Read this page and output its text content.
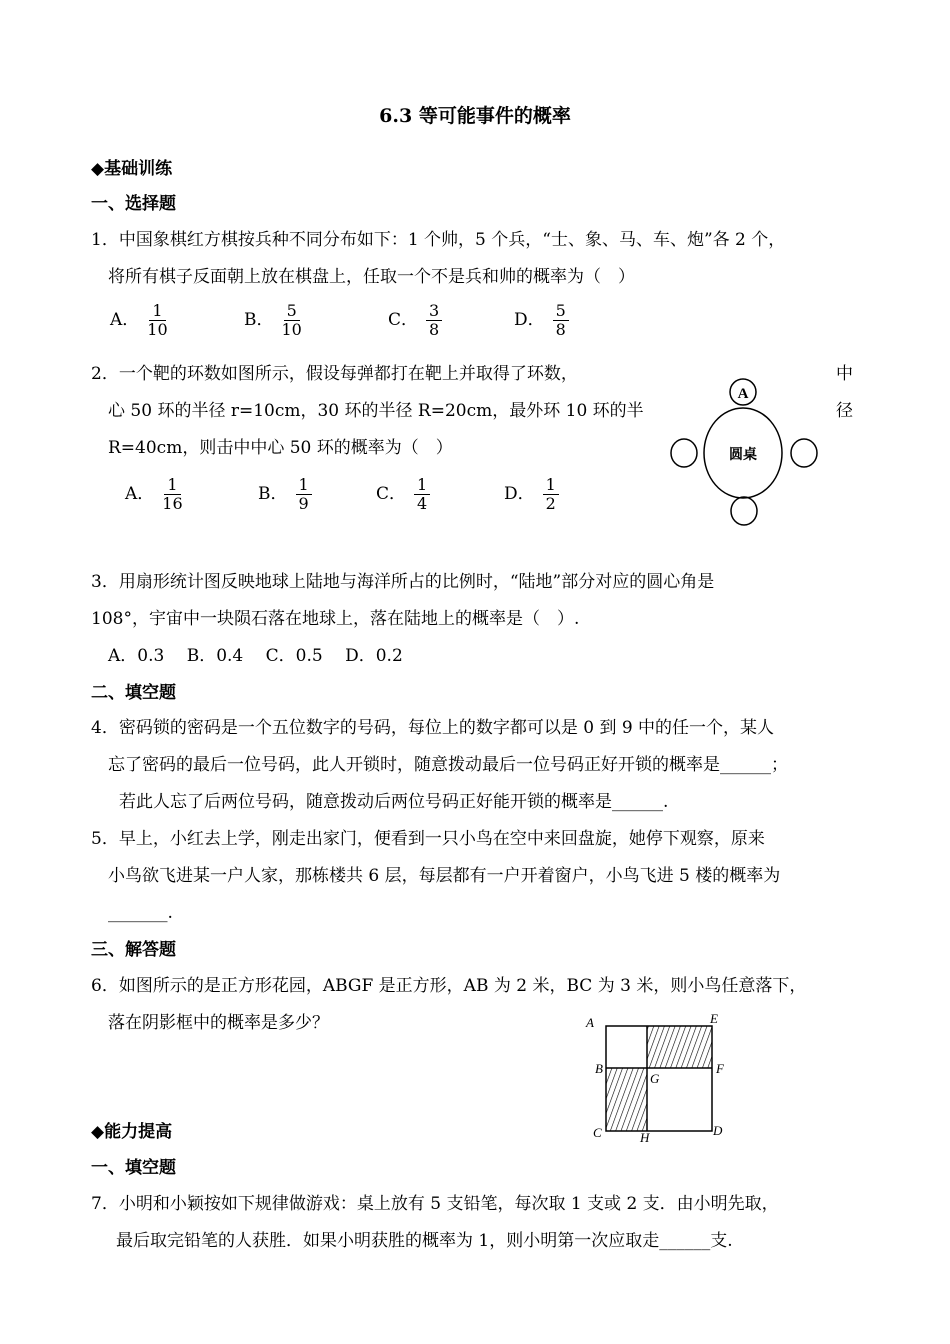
6.3 等可能事件的概率
◆基础训练
一、选择题
1．中国象棋红方棋按兵种不同分布如下：1 个帅，5 个兵，“士、象、马、车、炮”各 2 个，
将所有棋子反面朝上放在棋盘上，任取一个不是兵和帅的概率为（　）
A． $\frac{1}{10}$	B． $\frac{5}{10}$	C． $\frac{3}{8}$	D． $\frac{5}{8}$
2．一个靶的环数如图所示，假设每弹都打在靶上并取得了环数，	中
心 50 环的半径 r=10cm，30 环的半径 R=20cm，最外环 10 环的半	径
R=40cm，则击中中心 50 环的概率为（　）
A． $\frac{1}{16}$	B． $\frac{1}{9}$	C． $\frac{1}{4}$	D． $\frac{1}{2}$
A
圆桌
3．用扇形统计图反映地球上陆地与海洋所占的比例时，“陆地”部分对应的圆心角是
108°，宇宙中一块陨石落在地球上，落在陆地上的概率是（　）.
A．0.3　 B．0.4　 C．0.5　 D．0.2
二、填空题
4．密码锁的密码是一个五位数字的号码，每位上的数字都可以是 0 到 9 中的任一个，某人
忘了密码的最后一位号码，此人开锁时，随意拨动最后一位号码正好开锁的概率是______；
若此人忘了后两位号码，随意拨动后两位号码正好能开锁的概率是______.
5．早上，小红去上学，刚走出家门，便看到一只小鸟在空中来回盘旋，她停下观察，原来
小鸟欲飞进某一户人家，那栋楼共 6 层，每层都有一户开着窗户，小鸟飞进 5 楼的概率为
_______.
三、解答题
6．如图所示的是正方形花园，ABGF 是正方形，AB 为 2 米，BC 为 3 米，则小鸟任意落下，
落在阴影框中的概率是多少？	A	E
B
G
F
C	H	D
◆能力提高
一、填空题
7．小明和小颖按如下规律做游戏：桌上放有 5 支铅笔，每次取 1 支或 2 支．由小明先取，
最后取完铅笔的人获胜．如果小明获胜的概率为 1，则小明第一次应取走______支.
